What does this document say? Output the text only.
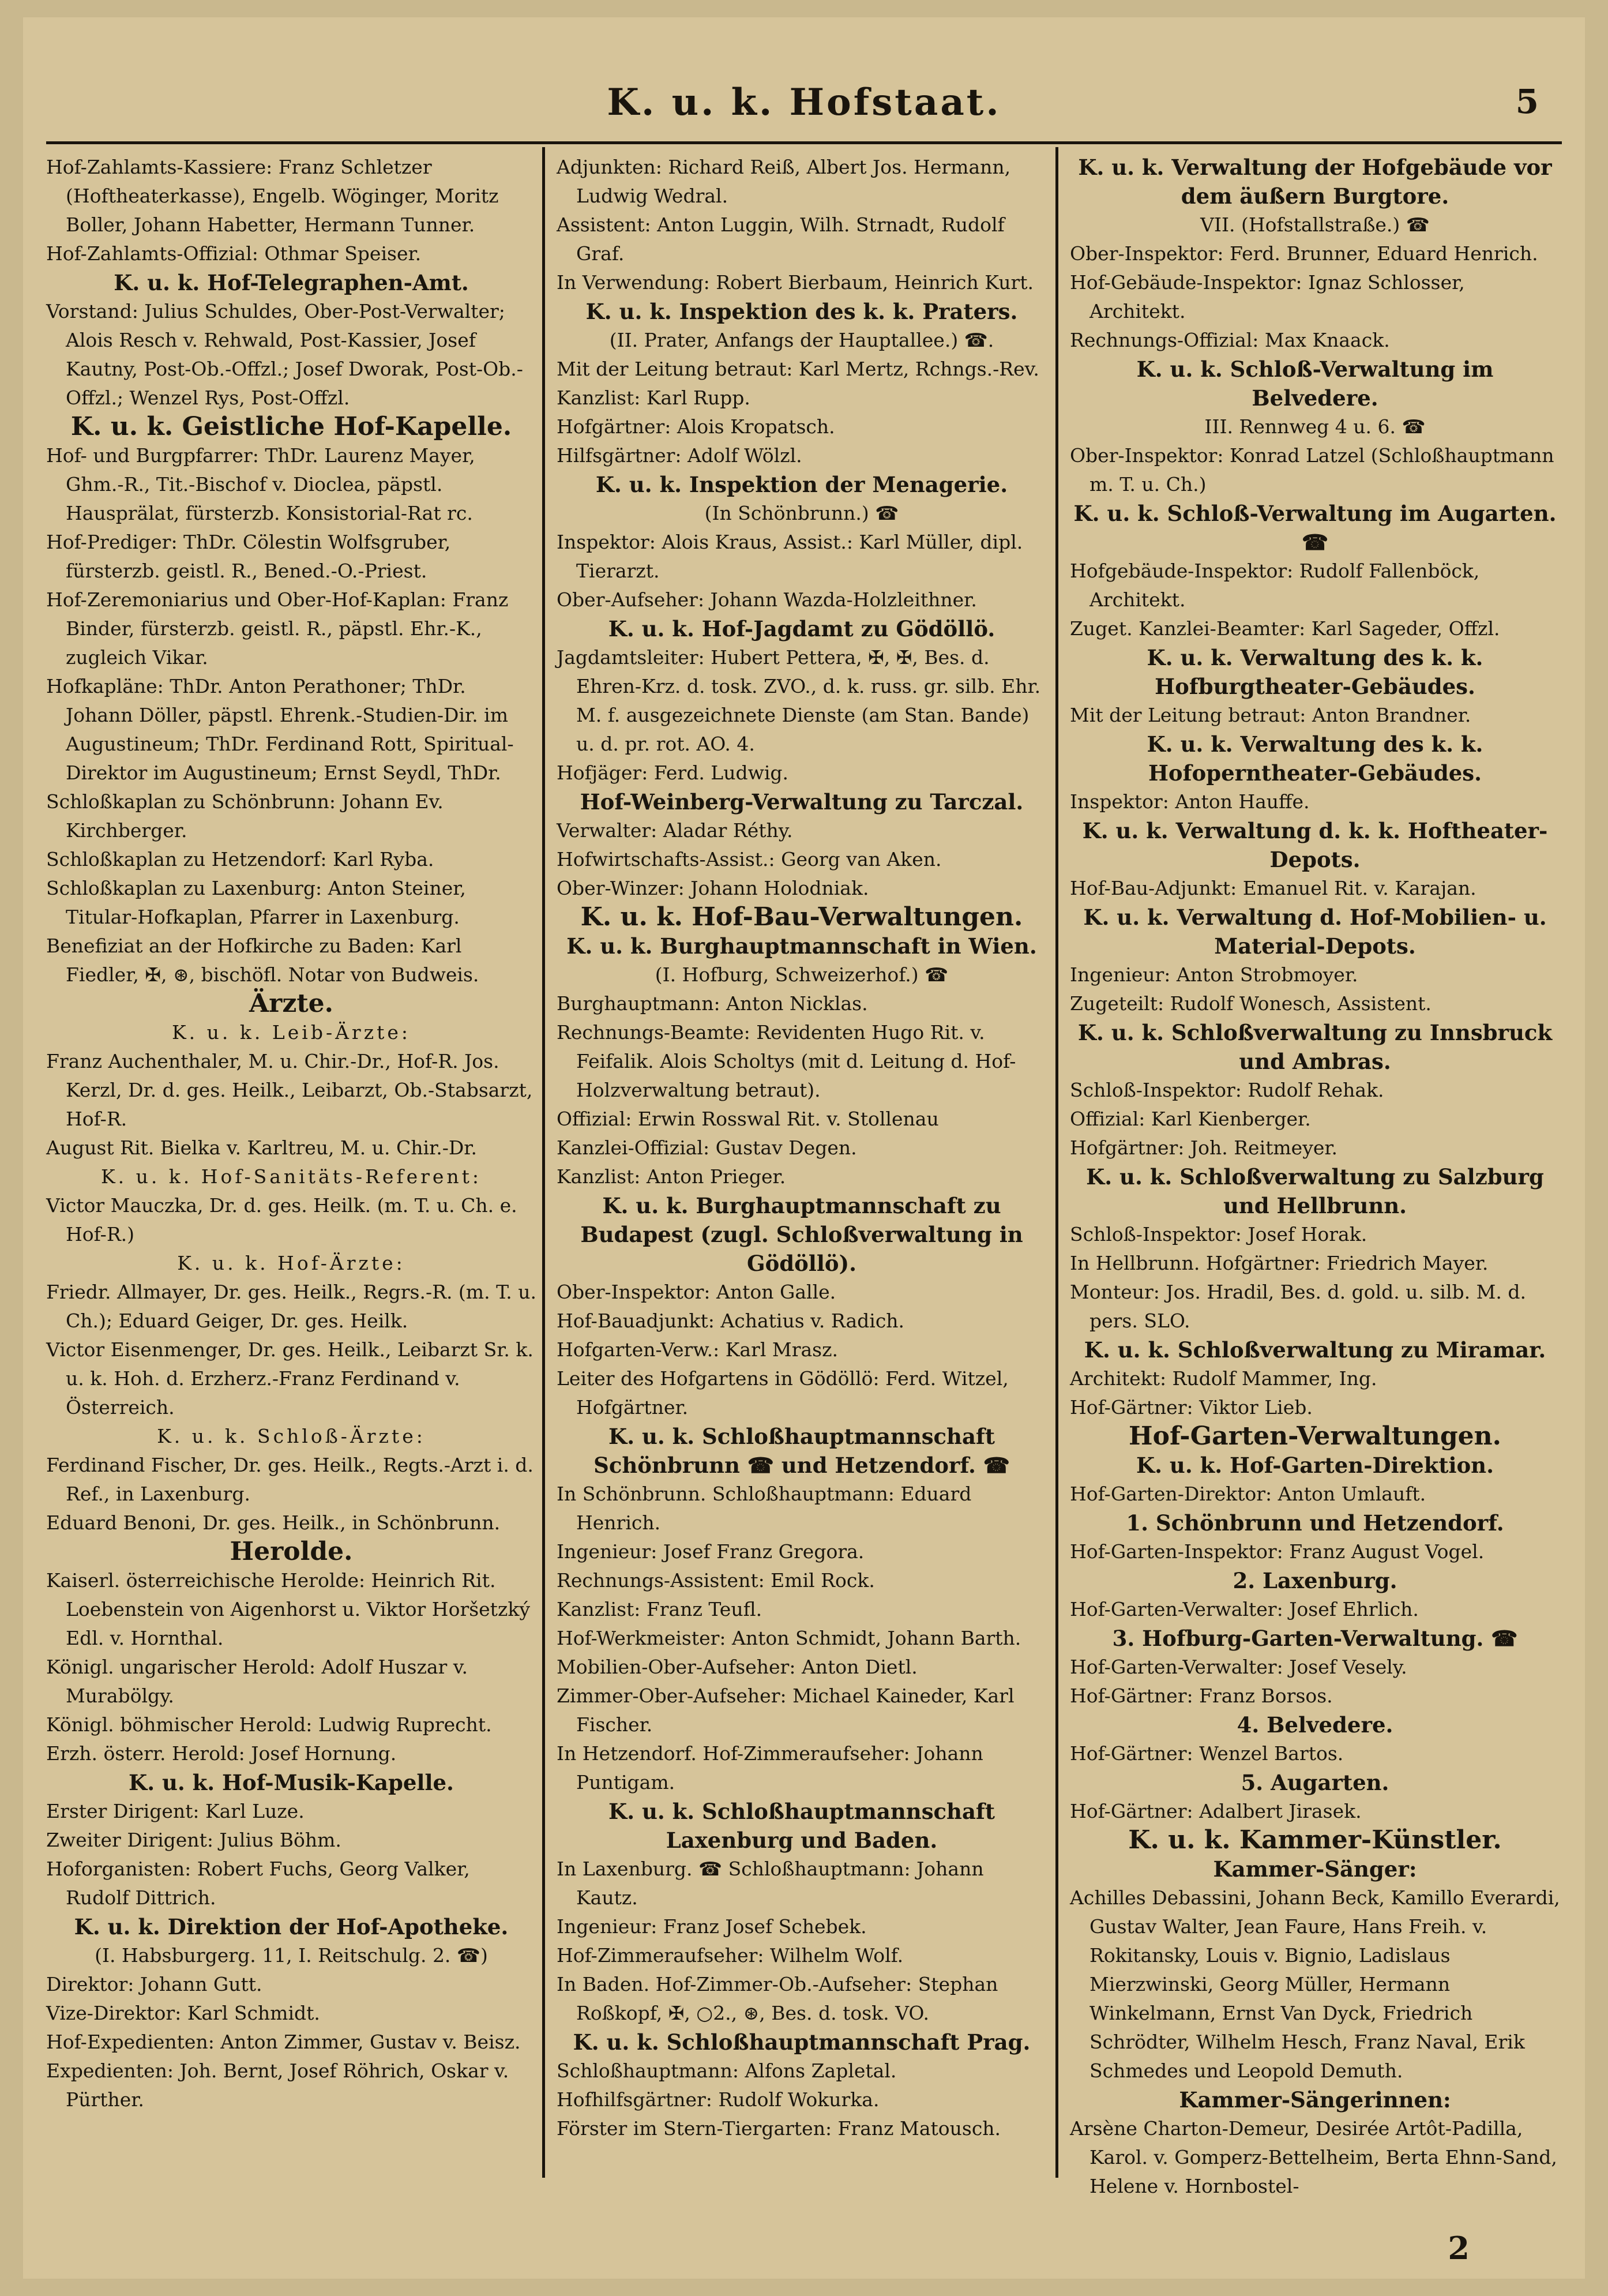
K. u. k. Hofstaat.	5

Hof-Zahlamts-Kassiere: Franz Schletzer (Hoftheaterkasse), Engelb. Wöginger, Moritz Boller, Johann Habetter, Hermann Tunner.

Hof-Zahlamts-Offizial: Othmar Speiser.

K. u. k. Hof-Telegraphen-Amt.

Vorstand: Julius Schuldes, Ober-Post-Verwalter; Alois Resch v. Rehwald, Post-Kassier, Josef Kautny, Post-Ob.-Offzl.; Josef Dworak, Post-Ob.-Offzl.; Wenzel Rys, Post-Offzl.

K. u. k. Geistliche Hof-Kapelle.

Hof- und Burgpfarrer: ThDr. Laurenz Mayer, Ghm.-R., Tit.-Bischof v. Dioclea, päpstl. Hausprälat, fürsterzb. Konsistorial-Rat rc.

Hof-Prediger: ThDr. Cölestin Wolfsgruber, fürsterzb. geistl. R., Bened.-O.-Priest.

Hof-Zeremoniarius und Ober-Hof-Kaplan: Franz Binder, fürsterzb. geistl. R., päpstl. Ehr.-K., zugleich Vikar.

Hofkapläne: ThDr. Anton Perathoner; ThDr. Johann Döller, päpstl. Ehrenk.-Studien-Dir. im Augustineum; ThDr. Ferdinand Rott, Spiritual-Direktor im Augustineum; Ernst Seydl, ThDr.

Schloßkaplan zu Schönbrunn: Johann Ev. Kirchberger.

Schloßkaplan zu Hetzendorf: Karl Ryba.

Schloßkaplan zu Laxenburg: Anton Steiner, Titular-Hofkaplan, Pfarrer in Laxenburg.

Benefiziat an der Hofkirche zu Baden: Karl Fiedler, ✠, ⊛, bischöfl. Notar von Budweis.

Ärzte.

K. u. k. Leib-Ärzte:

Franz Auchenthaler, M. u. Chir.-Dr., Hof-R. Jos. Kerzl, Dr. d. ges. Heilk., Leibarzt, Ob.-Stabsarzt, Hof-R.

August Rit. Bielka v. Karltreu, M. u. Chir.-Dr.

K. u. k. Hof-Sanitäts-Referent:

Victor Mauczka, Dr. d. ges. Heilk. (m. T. u. Ch. e. Hof-R.)

K. u. k. Hof-Ärzte:

Friedr. Allmayer, Dr. ges. Heilk., Regrs.-R. (m. T. u. Ch.); Eduard Geiger, Dr. ges. Heilk.

Victor Eisenmenger, Dr. ges. Heilk., Leibarzt Sr. k. u. k. Hoh. d. Erzherz.-Franz Ferdinand v. Österreich.

K. u. k. Schloß-Ärzte:

Ferdinand Fischer, Dr. ges. Heilk., Regts.-Arzt i. d. Ref., in Laxenburg.

Eduard Benoni, Dr. ges. Heilk., in Schönbrunn.

Herolde.

Kaiserl. österreichische Herolde: Heinrich Rit. Loebenstein von Aigenhorst u. Viktor Horšetzký Edl. v. Hornthal.

Königl. ungarischer Herold: Adolf Huszar v. Murabölgy.

Königl. böhmischer Herold: Ludwig Ruprecht.

Erzh. österr. Herold: Josef Hornung.

K. u. k. Hof-Musik-Kapelle.

Erster Dirigent: Karl Luze.

Zweiter Dirigent: Julius Böhm.

Hoforganisten: Robert Fuchs, Georg Valker, Rudolf Dittrich.

K. u. k. Direktion der Hof-Apotheke.

(I. Habsburgerg. 11, I. Reitschulg. 2. ☎)

Direktor: Johann Gutt.

Vize-Direktor: Karl Schmidt.

Hof-Expedienten: Anton Zimmer, Gustav v. Beisz.

Expedienten: Joh. Bernt, Josef Röhrich, Oskar v. Pürther.

Adjunkten: Richard Reiß, Albert Jos. Hermann, Ludwig Wedral.

Assistent: Anton Luggin, Wilh. Strnadt, Rudolf Graf.

In Verwendung: Robert Bierbaum, Heinrich Kurt.

K. u. k. Inspektion des k. k. Praters.

(II. Prater, Anfangs der Hauptallee.) ☎.

Mit der Leitung betraut: Karl Mertz, Rchngs.-Rev.

Kanzlist: Karl Rupp.

Hofgärtner: Alois Kropatsch.

Hilfsgärtner: Adolf Wölzl.

K. u. k. Inspektion der Menagerie.

(In Schönbrunn.) ☎

Inspektor: Alois Kraus, Assist.: Karl Müller, dipl. Tierarzt.

Ober-Aufseher: Johann Wazda-Holzleithner.

K. u. k. Hof-Jagdamt zu Gödöllö.

Jagdamtsleiter: Hubert Pettera, ✠, ✠, Bes. d. Ehren-Krz. d. tosk. ZVO., d. k. russ. gr. silb. Ehr. M. f. ausgezeichnete Dienste (am Stan. Bande) u. d. pr. rot. AO. 4.

Hofjäger: Ferd. Ludwig.

Hof-Weinberg-Verwaltung zu Tarczal.

Verwalter: Aladar Réthy.

Hofwirtschafts-Assist.: Georg van Aken.

Ober-Winzer: Johann Holodniak.

K. u. k. Hof-Bau-Verwaltungen.

K. u. k. Burghauptmannschaft in Wien.

(I. Hofburg, Schweizerhof.) ☎

Burghauptmann: Anton Nicklas.

Rechnungs-Beamte: Revidenten Hugo Rit. v. Feifalik. Alois Scholtys (mit d. Leitung d. Hof-Holzverwaltung betraut).

Offizial: Erwin Rosswal Rit. v. Stollenau

Kanzlei-Offizial: Gustav Degen.

Kanzlist: Anton Prieger.

K. u. k. Burghauptmannschaft zu Budapest (zugl. Schloßverwaltung in Gödöllö).

Ober-Inspektor: Anton Galle.

Hof-Bauadjunkt: Achatius v. Radich.

Hofgarten-Verw.: Karl Mrasz.

Leiter des Hofgartens in Gödöllö: Ferd. Witzel, Hofgärtner.

K. u. k. Schloßhauptmannschaft Schönbrunn ☎ und Hetzendorf. ☎

In Schönbrunn. Schloßhauptmann: Eduard Henrich.

Ingenieur: Josef Franz Gregora.

Rechnungs-Assistent: Emil Rock.

Kanzlist: Franz Teufl.

Hof-Werkmeister: Anton Schmidt, Johann Barth.

Mobilien-Ober-Aufseher: Anton Dietl.

Zimmer-Ober-Aufseher: Michael Kaineder, Karl Fischer.

In Hetzendorf. Hof-Zimmeraufseher: Johann Puntigam.

K. u. k. Schloßhauptmannschaft Laxenburg und Baden.

In Laxenburg. ☎ Schloßhauptmann: Johann Kautz.

Ingenieur: Franz Josef Schebek.

Hof-Zimmeraufseher: Wilhelm Wolf.

In Baden. Hof-Zimmer-Ob.-Aufseher: Stephan Roßkopf, ✠, ○2., ⊛, Bes. d. tosk. VO.

K. u. k. Schloßhauptmannschaft Prag.

Schloßhauptmann: Alfons Zapletal.

Hofhilfsgärtner: Rudolf Wokurka.

Förster im Stern-Tiergarten: Franz Matousch.

K. u. k. Verwaltung der Hofgebäude vor dem äußern Burgtore.

VII. (Hofstallstraße.) ☎

Ober-Inspektor: Ferd. Brunner, Eduard Henrich.

Hof-Gebäude-Inspektor: Ignaz Schlosser, Architekt.

Rechnungs-Offizial: Max Knaack.

K. u. k. Schloß-Verwaltung im Belvedere.

III. Rennweg 4 u. 6. ☎

Ober-Inspektor: Konrad Latzel (Schloßhauptmann m. T. u. Ch.)

K. u. k. Schloß-Verwaltung im Augarten. ☎

Hofgebäude-Inspektor: Rudolf Fallenböck, Architekt.

Zuget. Kanzlei-Beamter: Karl Sageder, Offzl.

K. u. k. Verwaltung des k. k. Hofburgtheater-Gebäudes.

Mit der Leitung betraut: Anton Brandner.

K. u. k. Verwaltung des k. k. Hofoperntheater-Gebäudes.

Inspektor: Anton Hauffe.

K. u. k. Verwaltung d. k. k. Hoftheater-Depots.

Hof-Bau-Adjunkt: Emanuel Rit. v. Karajan.

K. u. k. Verwaltung d. Hof-Mobilien- u. Material-Depots.

Ingenieur: Anton Strobmoyer.

Zugeteilt: Rudolf Wonesch, Assistent.

K. u. k. Schloßverwaltung zu Innsbruck und Ambras.

Schloß-Inspektor: Rudolf Rehak.

Offizial: Karl Kienberger.

Hofgärtner: Joh. Reitmeyer.

K. u. k. Schloßverwaltung zu Salzburg und Hellbrunn.

Schloß-Inspektor: Josef Horak.

In Hellbrunn. Hofgärtner: Friedrich Mayer.

Monteur: Jos. Hradil, Bes. d. gold. u. silb. M. d. pers. SLO.

K. u. k. Schloßverwaltung zu Miramar.

Architekt: Rudolf Mammer, Ing.

Hof-Gärtner: Viktor Lieb.

Hof-Garten-Verwaltungen.

K. u. k. Hof-Garten-Direktion.

Hof-Garten-Direktor: Anton Umlauft.

1. Schönbrunn und Hetzendorf.

Hof-Garten-Inspektor: Franz August Vogel.

2. Laxenburg.

Hof-Garten-Verwalter: Josef Ehrlich.

3. Hofburg-Garten-Verwaltung. ☎

Hof-Garten-Verwalter: Josef Vesely.

Hof-Gärtner: Franz Borsos.

4. Belvedere.

Hof-Gärtner: Wenzel Bartos.

5. Augarten.

Hof-Gärtner: Adalbert Jirasek.

K. u. k. Kammer-Künstler.

Kammer-Sänger:

Achilles Debassini, Johann Beck, Kamillo Everardi, Gustav Walter, Jean Faure, Hans Freih. v. Rokitansky, Louis v. Bignio, Ladislaus Mierzwinski, Georg Müller, Hermann Winkelmann, Ernst Van Dyck, Friedrich Schrödter, Wilhelm Hesch, Franz Naval, Erik Schmedes und Leopold Demuth.

Kammer-Sängerinnen:

Arsène Charton-Demeur, Desirée Artôt-Padilla, Karol. v. Gomperz-Bettelheim, Berta Ehnn-Sand, Helene v. Hornbostel-

2
